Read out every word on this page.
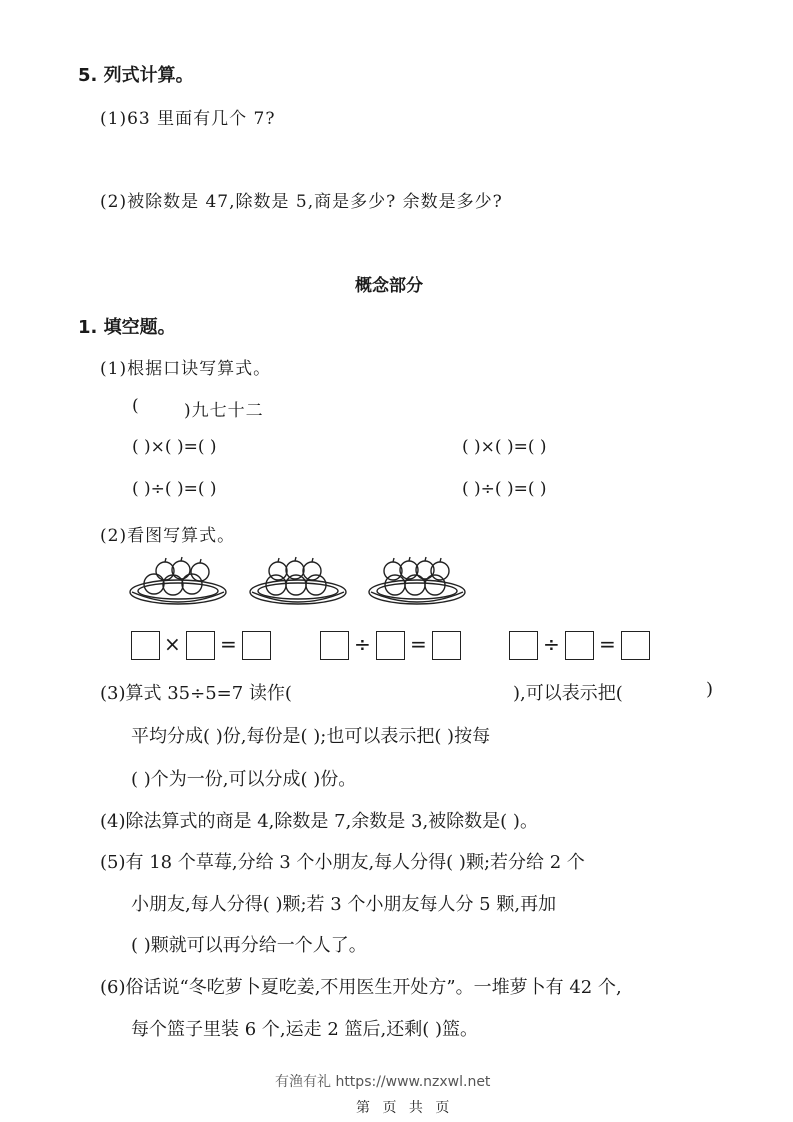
5. 列式计算。
(1)63 里面有几个 7?
(2)被除数是 47,除数是 5,商是多少? 余数是多少?
概念部分
1. 填空题。
(1)根据口诀写算式。
(	)九七十二
( )×( )=( )	( )×( )=( )
( )÷( )=( )	( )÷( )=( )
(2)看图写算式。
× =	÷ =	÷ =
(3)算式 35÷5=7 读作(	),可以表示把(	)
平均分成( )份,每份是( );也可以表示把( )按每
( )个为一份,可以分成( )份。
(4)除法算式的商是 4,除数是 7,余数是 3,被除数是( )。
(5)有 18 个草莓,分给 3 个小朋友,每人分得( )颗;若分给 2 个
小朋友,每人分得( )颗;若 3 个小朋友每人分 5 颗,再加
( )颗就可以再分给一个人了。
(6)俗话说“冬吃萝卜夏吃姜,不用医生开处方”。一堆萝卜有 42 个,
每个篮子里装 6 个,运走 2 篮后,还剩( )篮。
有渔有礼 https://www.nzxwl.net
第 页 共 页
